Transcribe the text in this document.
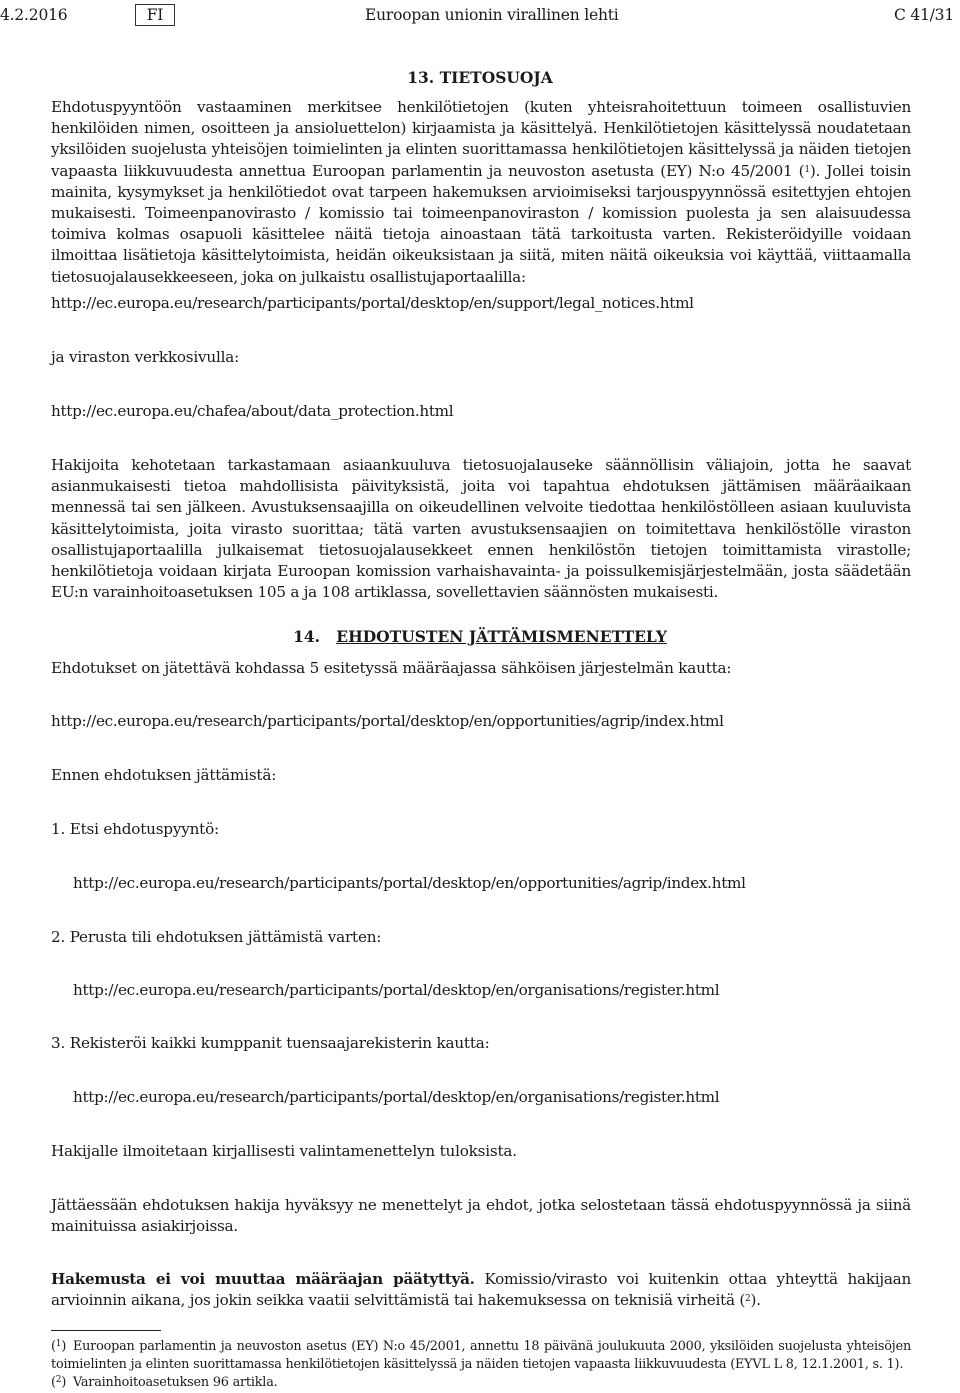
4.2.2016	FI	Euroopan unionin virallinen lehti	C 41/31
13. TIETOSUOJA
Ehdotuspyyntöön vastaaminen merkitsee henkilötietojen (kuten yhteisrahoitettuun toimeen osallistuvien henkilöiden nimen, osoitteen ja ansioluettelon) kirjaamista ja käsittelyä. Henkilötietojen käsittelyssä noudatetaan yksilöiden suojelusta yhteisöjen toimielinten ja elinten suorittamassa henkilötietojen käsittelyssä ja näiden tietojen vapaasta liikkuvuudesta annettua Euroopan parlamentin ja neuvoston asetusta (EY) N:o 45/2001 ($^1$). Jollei toisin mainita, kysymykset ja henkilötiedot ovat tarpeen hakemuksen arvioimiseksi tarjouspyynnössä esitettyjen ehtojen mukaisesti. Toimeenpanovirasto / komissio tai toimeenpanoviraston / komission puolesta ja sen alaisuudessa toimiva kolmas osapuoli käsittelee näitä tietoja ainoastaan tätä tarkoitusta varten. Rekisteröidyille voidaan ilmoittaa lisätietoja käsittelytoimista, heidän oikeuksistaan ja siitä, miten näitä oikeuksia voi käyttää, viittaamalla tietosuojalausekkeeseen, joka on julkaistu osallistujaportaalilla:
http://ec.europa.eu/research/participants/portal/desktop/en/support/legal_notices.html
ja viraston verkkosivulla:
http://ec.europa.eu/chafea/about/data_protection.html
Hakijoita kehotetaan tarkastamaan asiaankuuluva tietosuojalauseke säännöllisin väliajoin, jotta he saavat asianmukaisesti tietoa mahdollisista päivityksistä, joita voi tapahtua ehdotuksen jättämisen määräaikaan mennessä tai sen jälkeen. Avustuksensaajilla on oikeudellinen velvoite tiedottaa henkilöstölleen asiaan kuuluvista käsittelytoimista, joita virasto suorittaa; tätä varten avustuksensaajien on toimitettava henkilöstölle viraston osallistujaportaalilla julkaisemat tietosuojalausekkeet ennen henkilöstön tietojen toimittamista virastolle; henkilötietoja voidaan kirjata Euroopan komission varhaishavainta- ja poissulkemisjärjestelmään, josta säädetään EU:n varainhoitoasetuksen 105 a ja 108 artiklassa, sovellettavien säännösten mukaisesti.
14. EHDOTUSTEN JÄTTÄMISMENETTELY
Ehdotukset on jätettävä kohdassa 5 esitetyssä määräajassa sähköisen järjestelmän kautta:
http://ec.europa.eu/research/participants/portal/desktop/en/opportunities/agrip/index.html
Ennen ehdotuksen jättämistä:
1. Etsi ehdotuspyyntö:
http://ec.europa.eu/research/participants/portal/desktop/en/opportunities/agrip/index.html
2. Perusta tili ehdotuksen jättämistä varten:
http://ec.europa.eu/research/participants/portal/desktop/en/organisations/register.html
3. Rekisteröi kaikki kumppanit tuensaajarekisterin kautta:
http://ec.europa.eu/research/participants/portal/desktop/en/organisations/register.html
Hakijalle ilmoitetaan kirjallisesti valintamenettelyn tuloksista.
Jättäessään ehdotuksen hakija hyväksyy ne menettelyt ja ehdot, jotka selostetaan tässä ehdotuspyynnössä ja siinä mainituissa asiakirjoissa.
Hakemusta ei voi muuttaa määräajan päätyttyä. Komissio/virasto voi kuitenkin ottaa yhteyttä hakijaan arvioinnin aikana, jos jokin seikka vaatii selvittämistä tai hakemuksessa on teknisiä virheitä ($^2$).
($^1$) Euroopan parlamentin ja neuvoston asetus (EY) N:o 45/2001, annettu 18 päivänä joulukuuta 2000, yksilöiden suojelusta yhteisöjen toimielinten ja elinten suorittamassa henkilötietojen käsittelyssä ja näiden tietojen vapaasta liikkuvuudesta (EYVL L 8, 12.1.2001, s. 1).
($^2$) Varainhoitoasetuksen 96 artikla.
